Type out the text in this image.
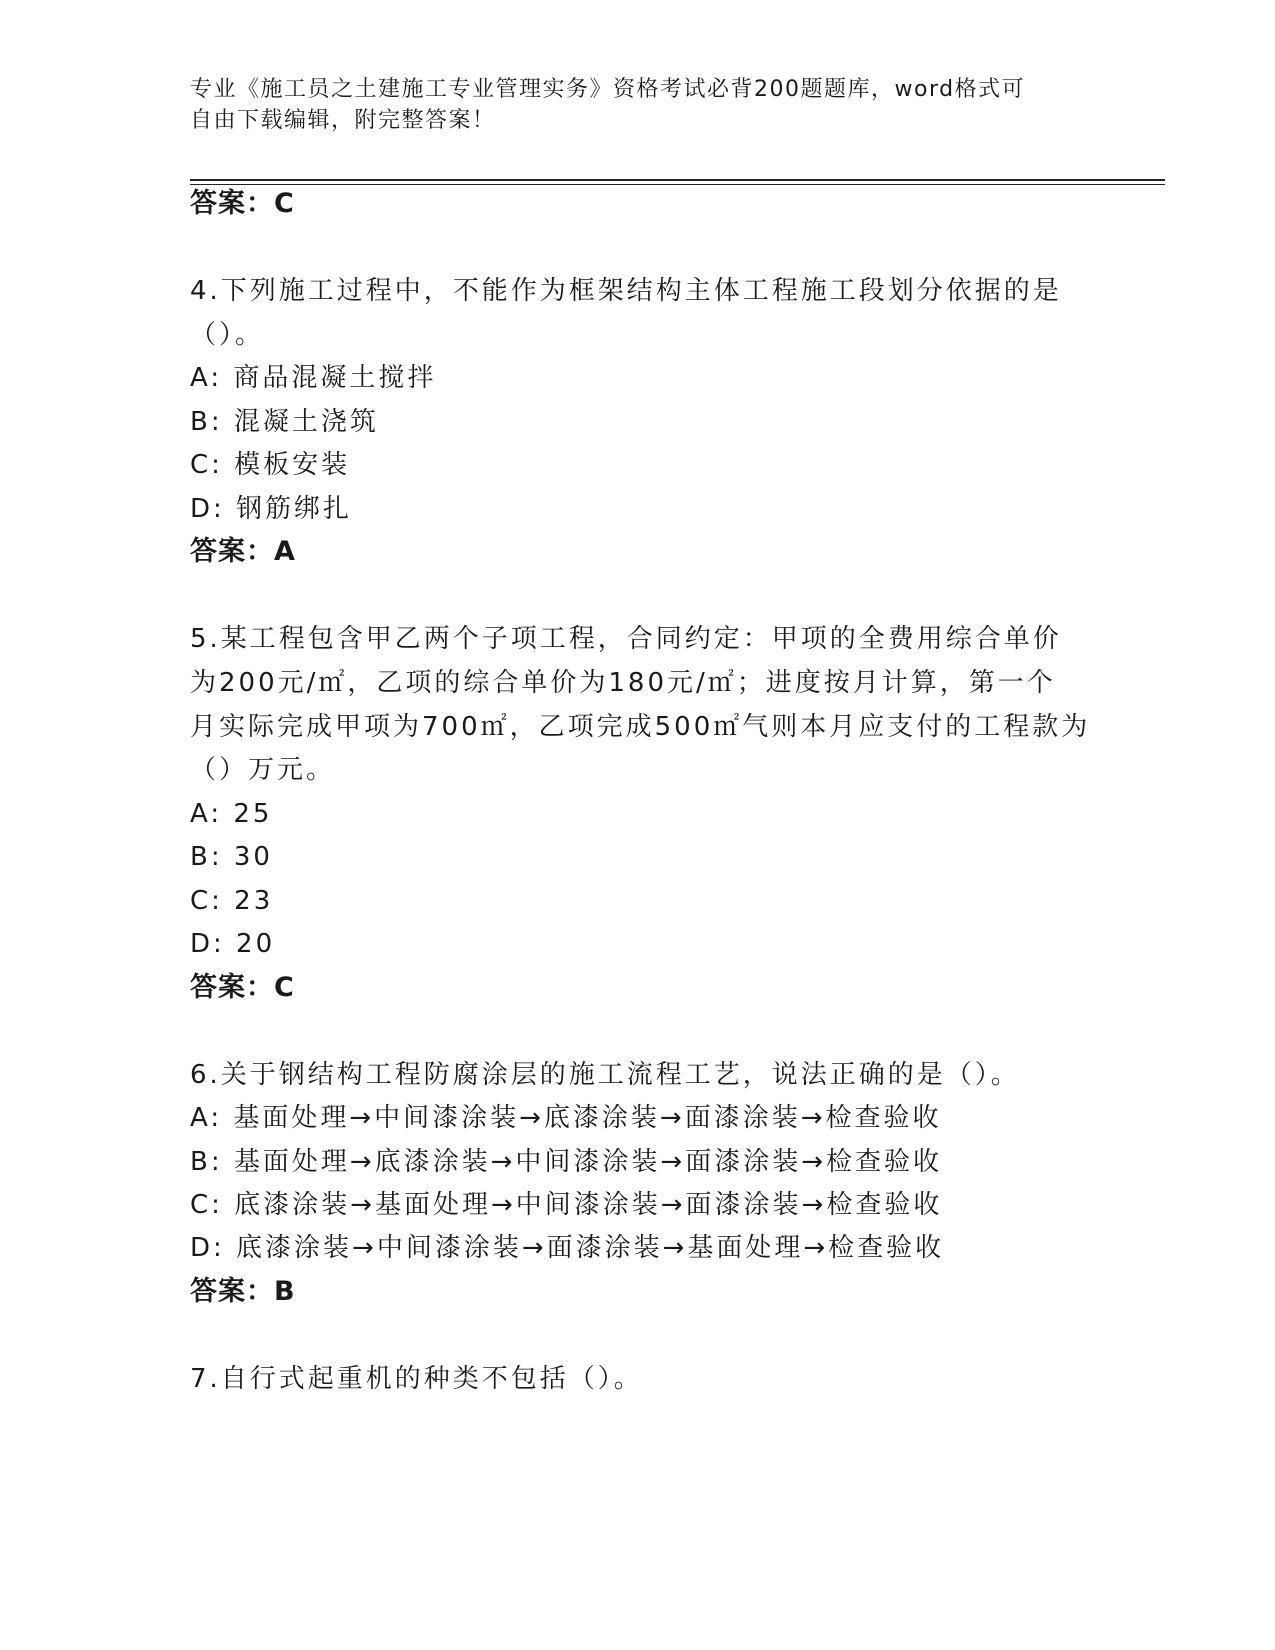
专业《施工员之土建施工专业管理实务》资格考试必背200题题库，word格式可
自由下载编辑，附完整答案！
答案：C
4.下列施工过程中，不能作为框架结构主体工程施工段划分依据的是
（）。
A: 商品混凝土搅拌
B: 混凝土浇筑
C: 模板安装
D: 钢筋绑扎
答案：A
5.某工程包含甲乙两个子项工程，合同约定：甲项的全费用综合单价
为200元/㎡，乙项的综合单价为180元/㎡；进度按月计算，第一个
月实际完成甲项为700㎡，乙项完成500㎡气则本月应支付的工程款为
（）万元。
A: 25
B: 30
C: 23
D: 20
答案：C
6.关于钢结构工程防腐涂层的施工流程工艺，说法正确的是（）。
A: 基面处理→中间漆涂装→底漆涂装→面漆涂装→检查验收
B: 基面处理→底漆涂装→中间漆涂装→面漆涂装→检查验收
C: 底漆涂装→基面处理→中间漆涂装→面漆涂装→检查验收
D: 底漆涂装→中间漆涂装→面漆涂装→基面处理→检查验收
答案：B
7.自行式起重机的种类不包括（）。
